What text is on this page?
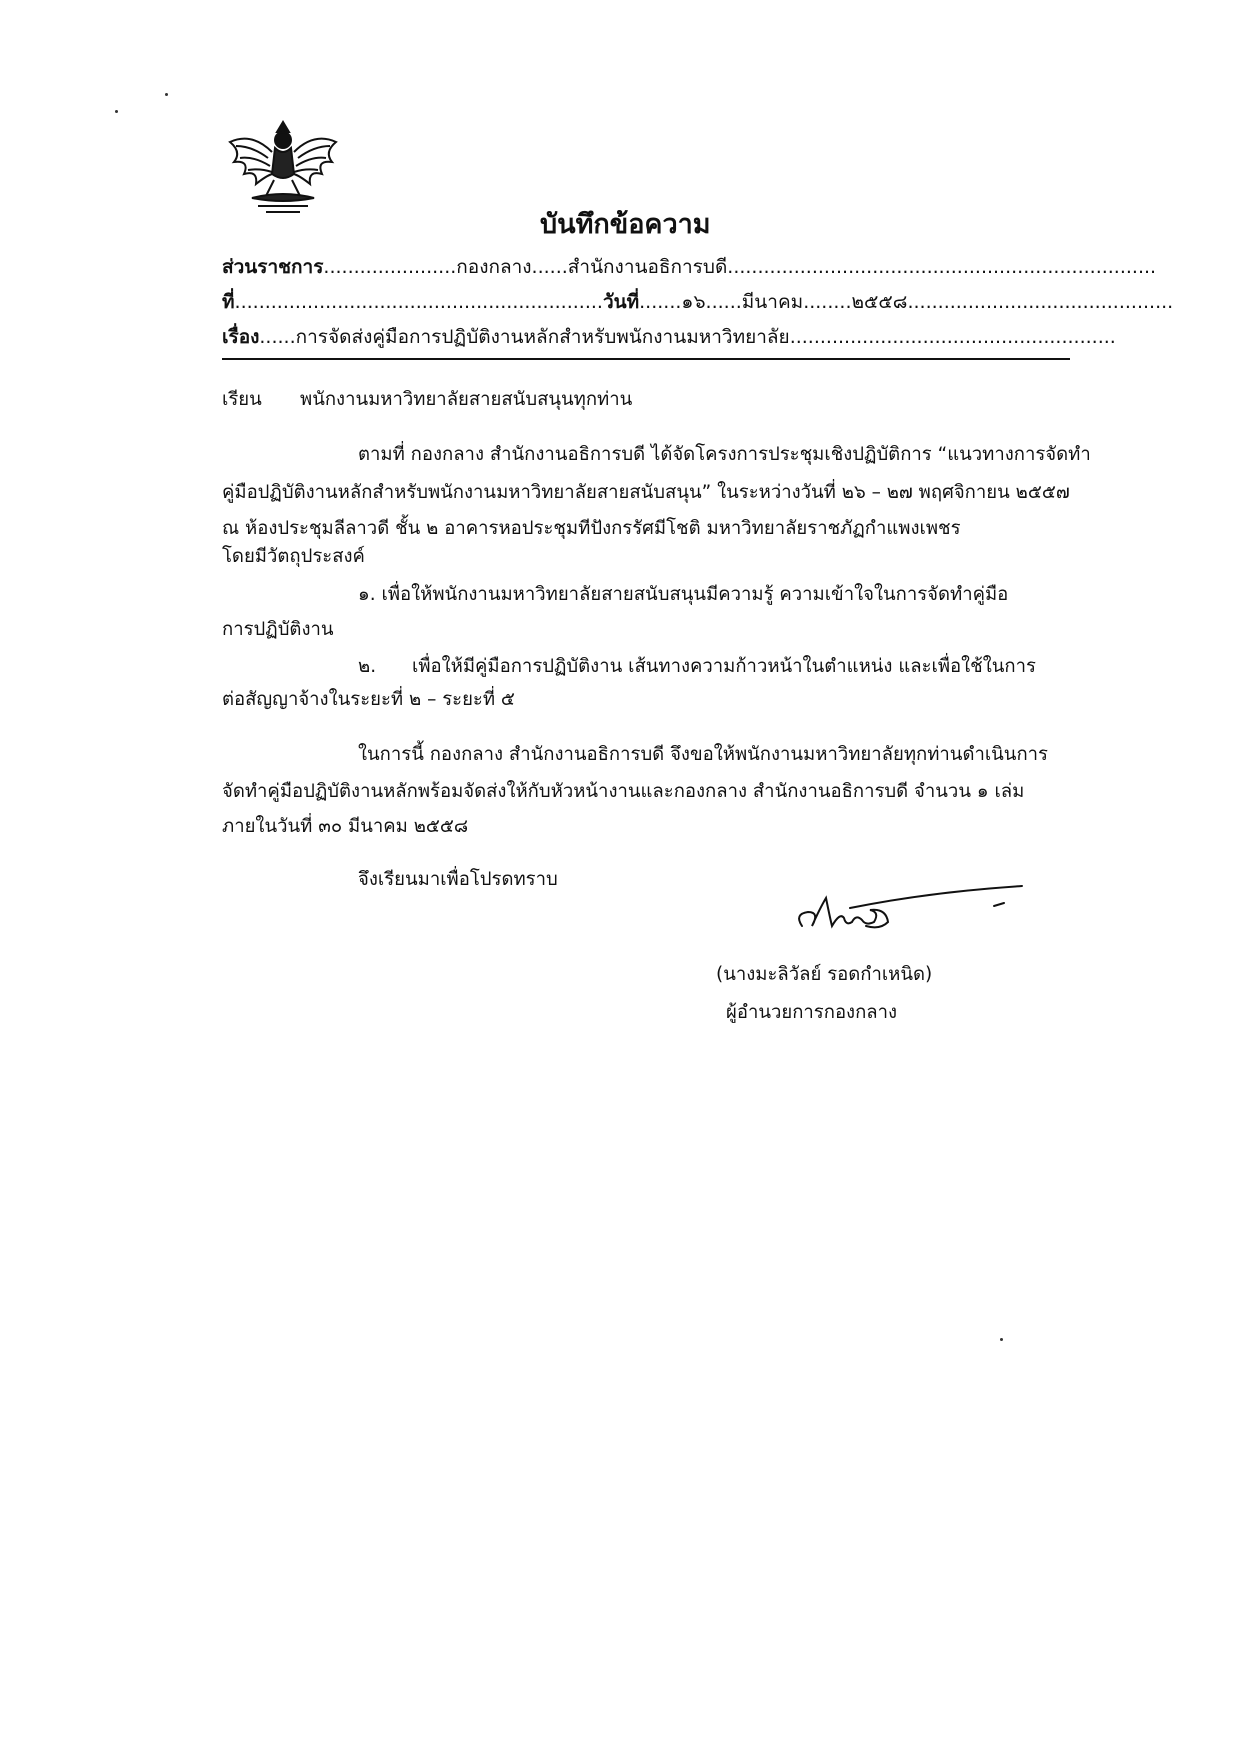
บันทึกข้อความ
ส่วนราชการ......................กองกลาง......สำนักงานอธิการบดี.......................................................................
ที่.............................................................วันที่.......๑๖......มีนาคม........๒๕๕๘............................................
เรื่อง......การจัดส่งคู่มือการปฏิบัติงานหลักสำหรับพนักงานมหาวิทยาลัย......................................................
เรียน พนักงานมหาวิทยาลัยสายสนับสนุนทุกท่าน
ตามที่ กองกลาง สำนักงานอธิการบดี ได้จัดโครงการประชุมเชิงปฏิบัติการ “แนวทางการจัดทำ
คู่มือปฏิบัติงานหลักสำหรับพนักงานมหาวิทยาลัยสายสนับสนุน” ในระหว่างวันที่ ๒๖ – ๒๗ พฤศจิกายน ๒๕๕๗
ณ ห้องประชุมลีลาวดี ชั้น ๒ อาคารหอประชุมทีปังกรรัศมีโชติ มหาวิทยาลัยราชภัฏกำแพงเพชร
โดยมีวัตถุประสงค์
๑. เพื่อให้พนักงานมหาวิทยาลัยสายสนับสนุนมีความรู้ ความเข้าใจในการจัดทำคู่มือ
การปฏิบัติงาน
๒. เพื่อให้มีคู่มือการปฏิบัติงาน เส้นทางความก้าวหน้าในตำแหน่ง และเพื่อใช้ในการ
ต่อสัญญาจ้างในระยะที่ ๒ – ระยะที่ ๕
ในการนี้ กองกลาง สำนักงานอธิการบดี จึงขอให้พนักงานมหาวิทยาลัยทุกท่านดำเนินการ
จัดทำคู่มือปฏิบัติงานหลักพร้อมจัดส่งให้กับหัวหน้างานและกองกลาง สำนักงานอธิการบดี จำนวน ๑ เล่ม
ภายในวันที่ ๓๐ มีนาคม ๒๕๕๘
จึงเรียนมาเพื่อโปรดทราบ
(นางมะลิวัลย์ รอดกำเหนิด)
ผู้อำนวยการกองกลาง
